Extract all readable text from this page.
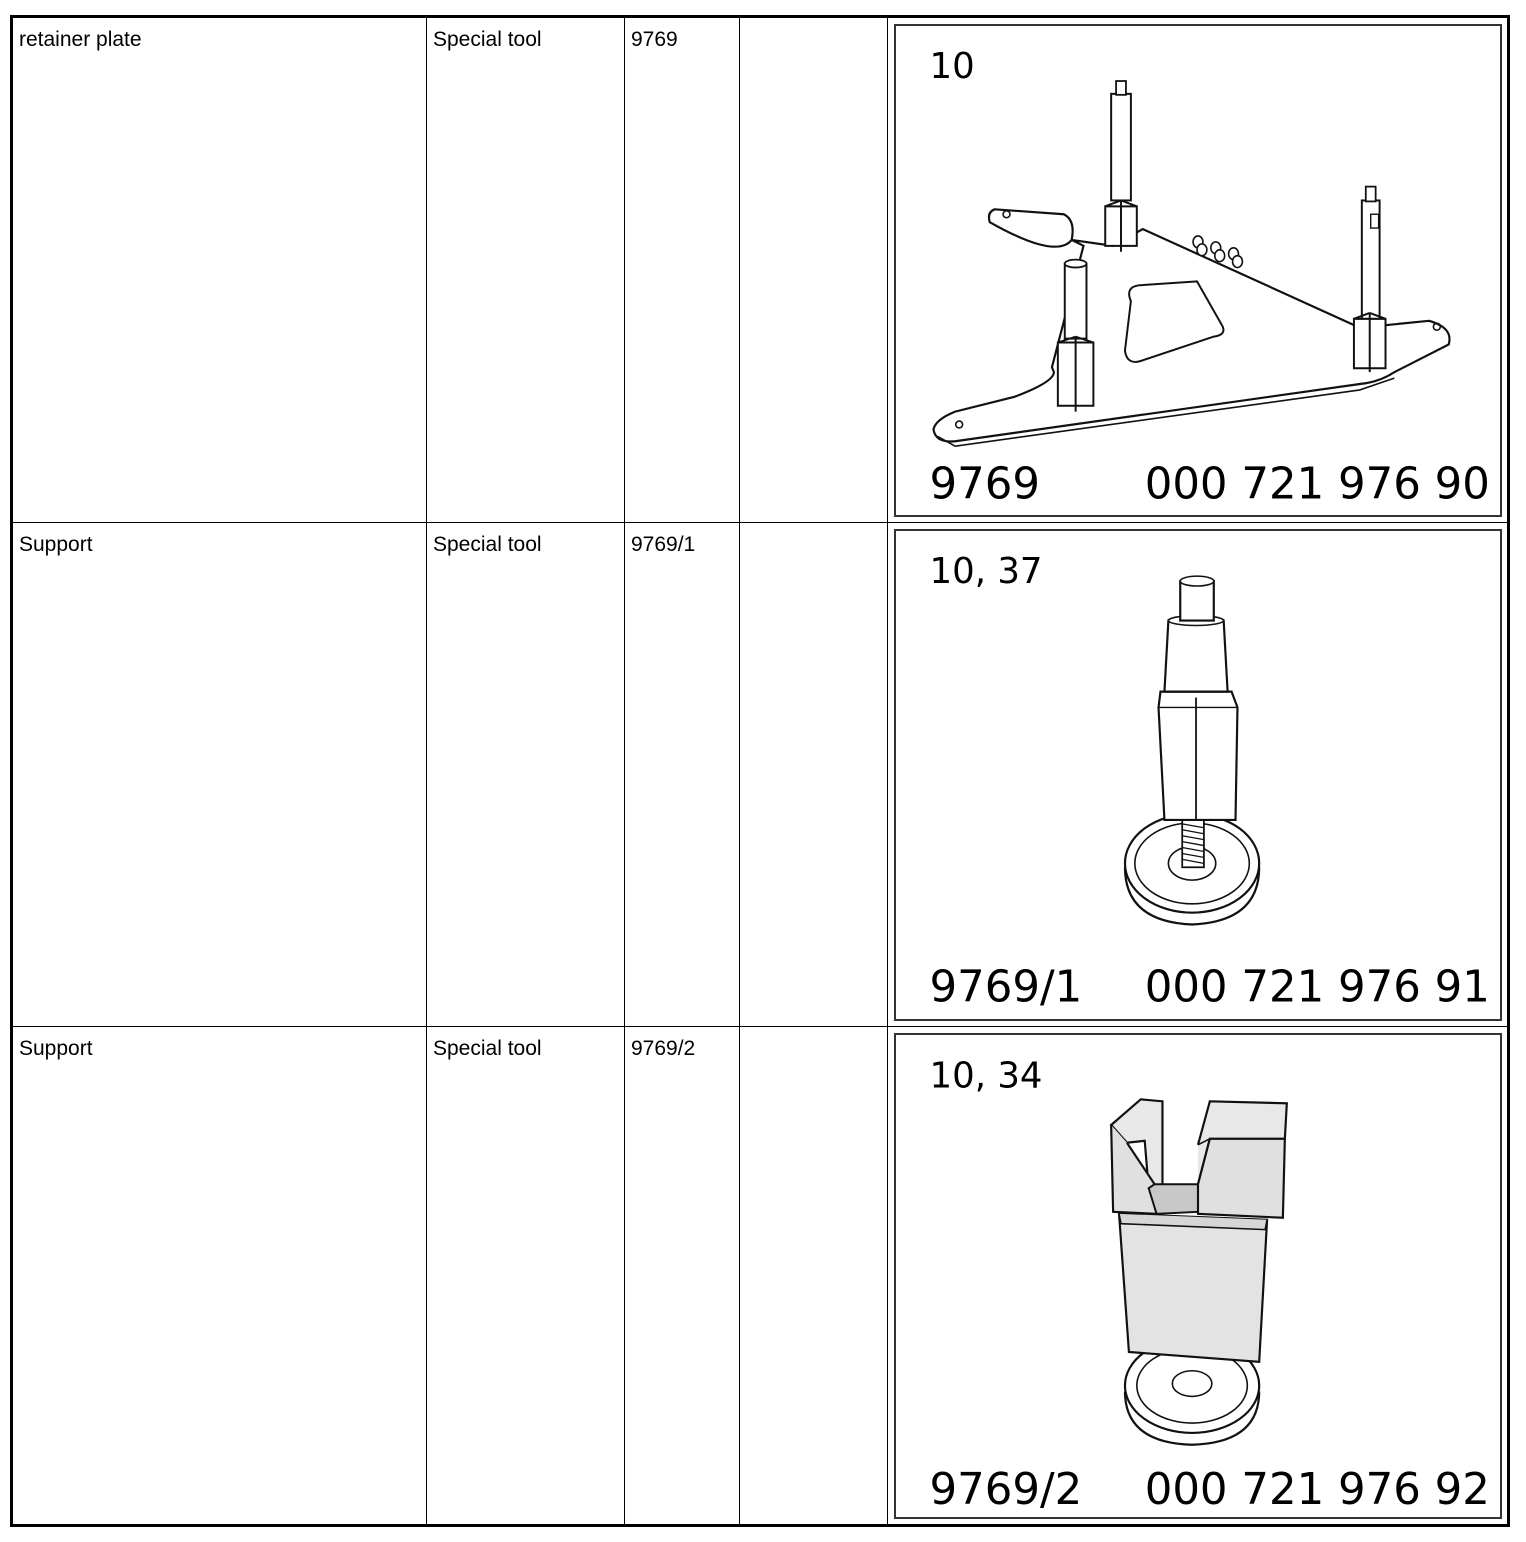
retainer plate	Special tool	9769
10
9769 000 721 976 90
Support	Special tool	9769/1
10, 37
9769/1 000 721 976 91
Support	Special tool	9769/2
10, 34
9769/2 000 721 976 92
